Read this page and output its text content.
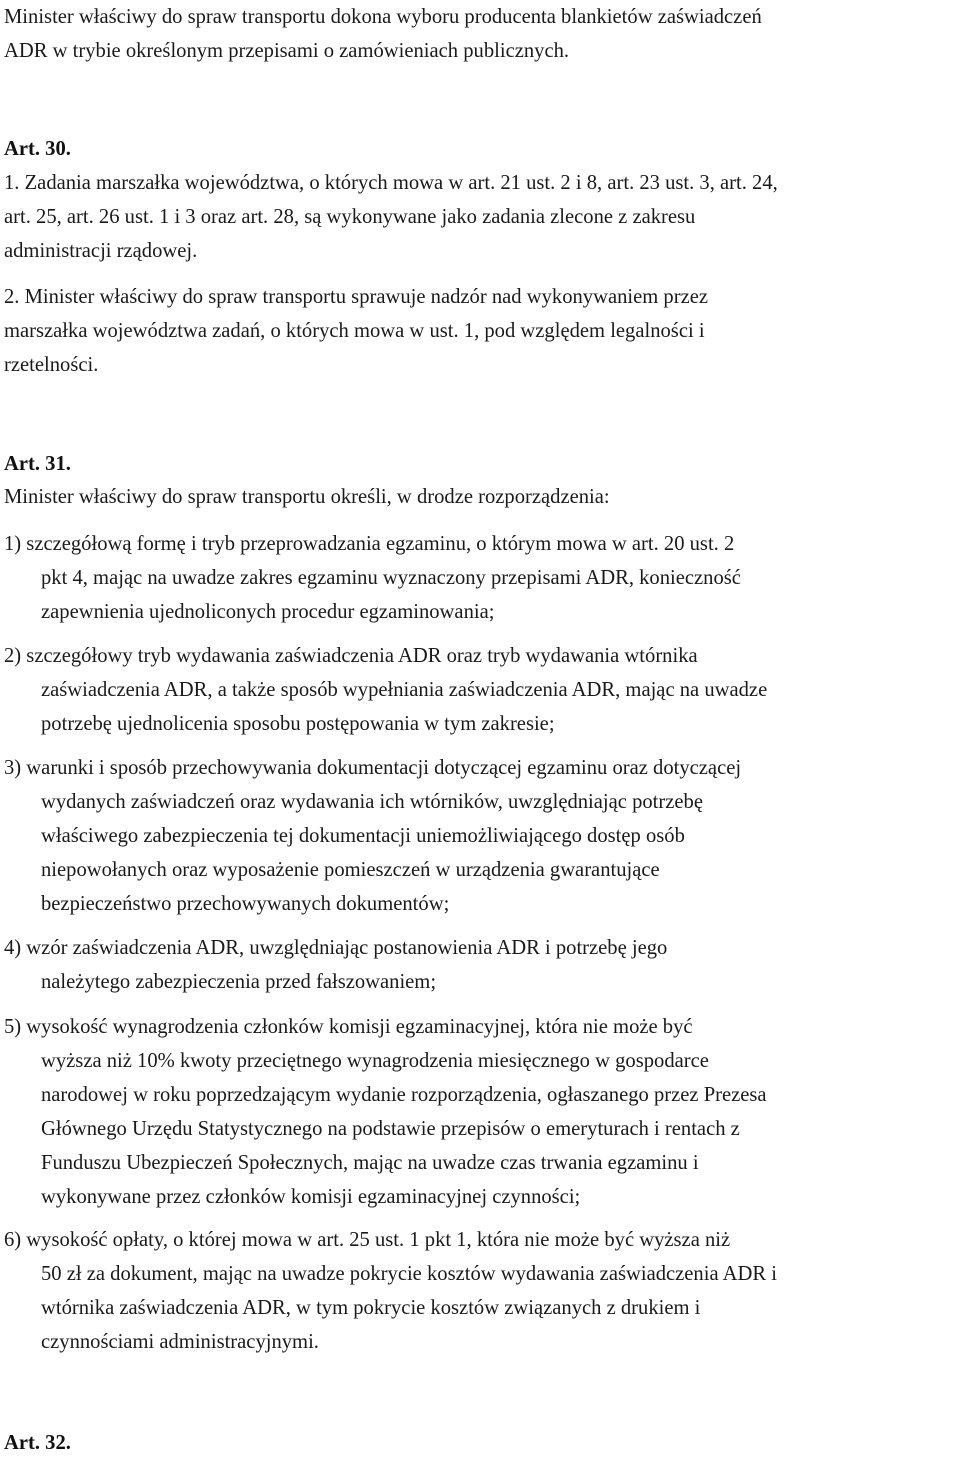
Minister właściwy do spraw transportu dokona wyboru producenta blankietów zaświadczeń
ADR w trybie określonym przepisami o zamówieniach publicznych.
Art. 30.
1. Zadania marszałka województwa, o których mowa w art. 21 ust. 2 i 8, art. 23 ust. 3, art. 24,
art. 25, art. 26 ust. 1 i 3 oraz art. 28, są wykonywane jako zadania zlecone z zakresu
administracji rządowej.
2. Minister właściwy do spraw transportu sprawuje nadzór nad wykonywaniem przez
marszałka województwa zadań, o których mowa w ust. 1, pod względem legalności i
rzetelności.
Art. 31.
Minister właściwy do spraw transportu określi, w drodze rozporządzenia:
1) szczegółową formę i tryb przeprowadzania egzaminu, o którym mowa w art. 20 ust. 2
pkt 4, mając na uwadze zakres egzaminu wyznaczony przepisami ADR, konieczność
zapewnienia ujednoliconych procedur egzaminowania;
2) szczegółowy tryb wydawania zaświadczenia ADR oraz tryb wydawania wtórnika
zaświadczenia ADR, a także sposób wypełniania zaświadczenia ADR, mając na uwadze
potrzebę ujednolicenia sposobu postępowania w tym zakresie;
3) warunki i sposób przechowywania dokumentacji dotyczącej egzaminu oraz dotyczącej
wydanych zaświadczeń oraz wydawania ich wtórników, uwzględniając potrzebę
właściwego zabezpieczenia tej dokumentacji uniemożliwiającego dostęp osób
niepowołanych oraz wyposażenie pomieszczeń w urządzenia gwarantujące
bezpieczeństwo przechowywanych dokumentów;
4) wzór zaświadczenia ADR, uwzględniając postanowienia ADR i potrzebę jego
należytego zabezpieczenia przed fałszowaniem;
5) wysokość wynagrodzenia członków komisji egzaminacyjnej, która nie może być
wyższa niż 10% kwoty przeciętnego wynagrodzenia miesięcznego w gospodarce
narodowej w roku poprzedzającym wydanie rozporządzenia, ogłaszanego przez Prezesa
Głównego Urzędu Statystycznego na podstawie przepisów o emeryturach i rentach z
Funduszu Ubezpieczeń Społecznych, mając na uwadze czas trwania egzaminu i
wykonywane przez członków komisji egzaminacyjnej czynności;
6) wysokość opłaty, o której mowa w art. 25 ust. 1 pkt 1, która nie może być wyższa niż
50 zł za dokument, mając na uwadze pokrycie kosztów wydawania zaświadczenia ADR i
wtórnika zaświadczenia ADR, w tym pokrycie kosztów związanych z drukiem i
czynnościami administracyjnymi.
Art. 32.
